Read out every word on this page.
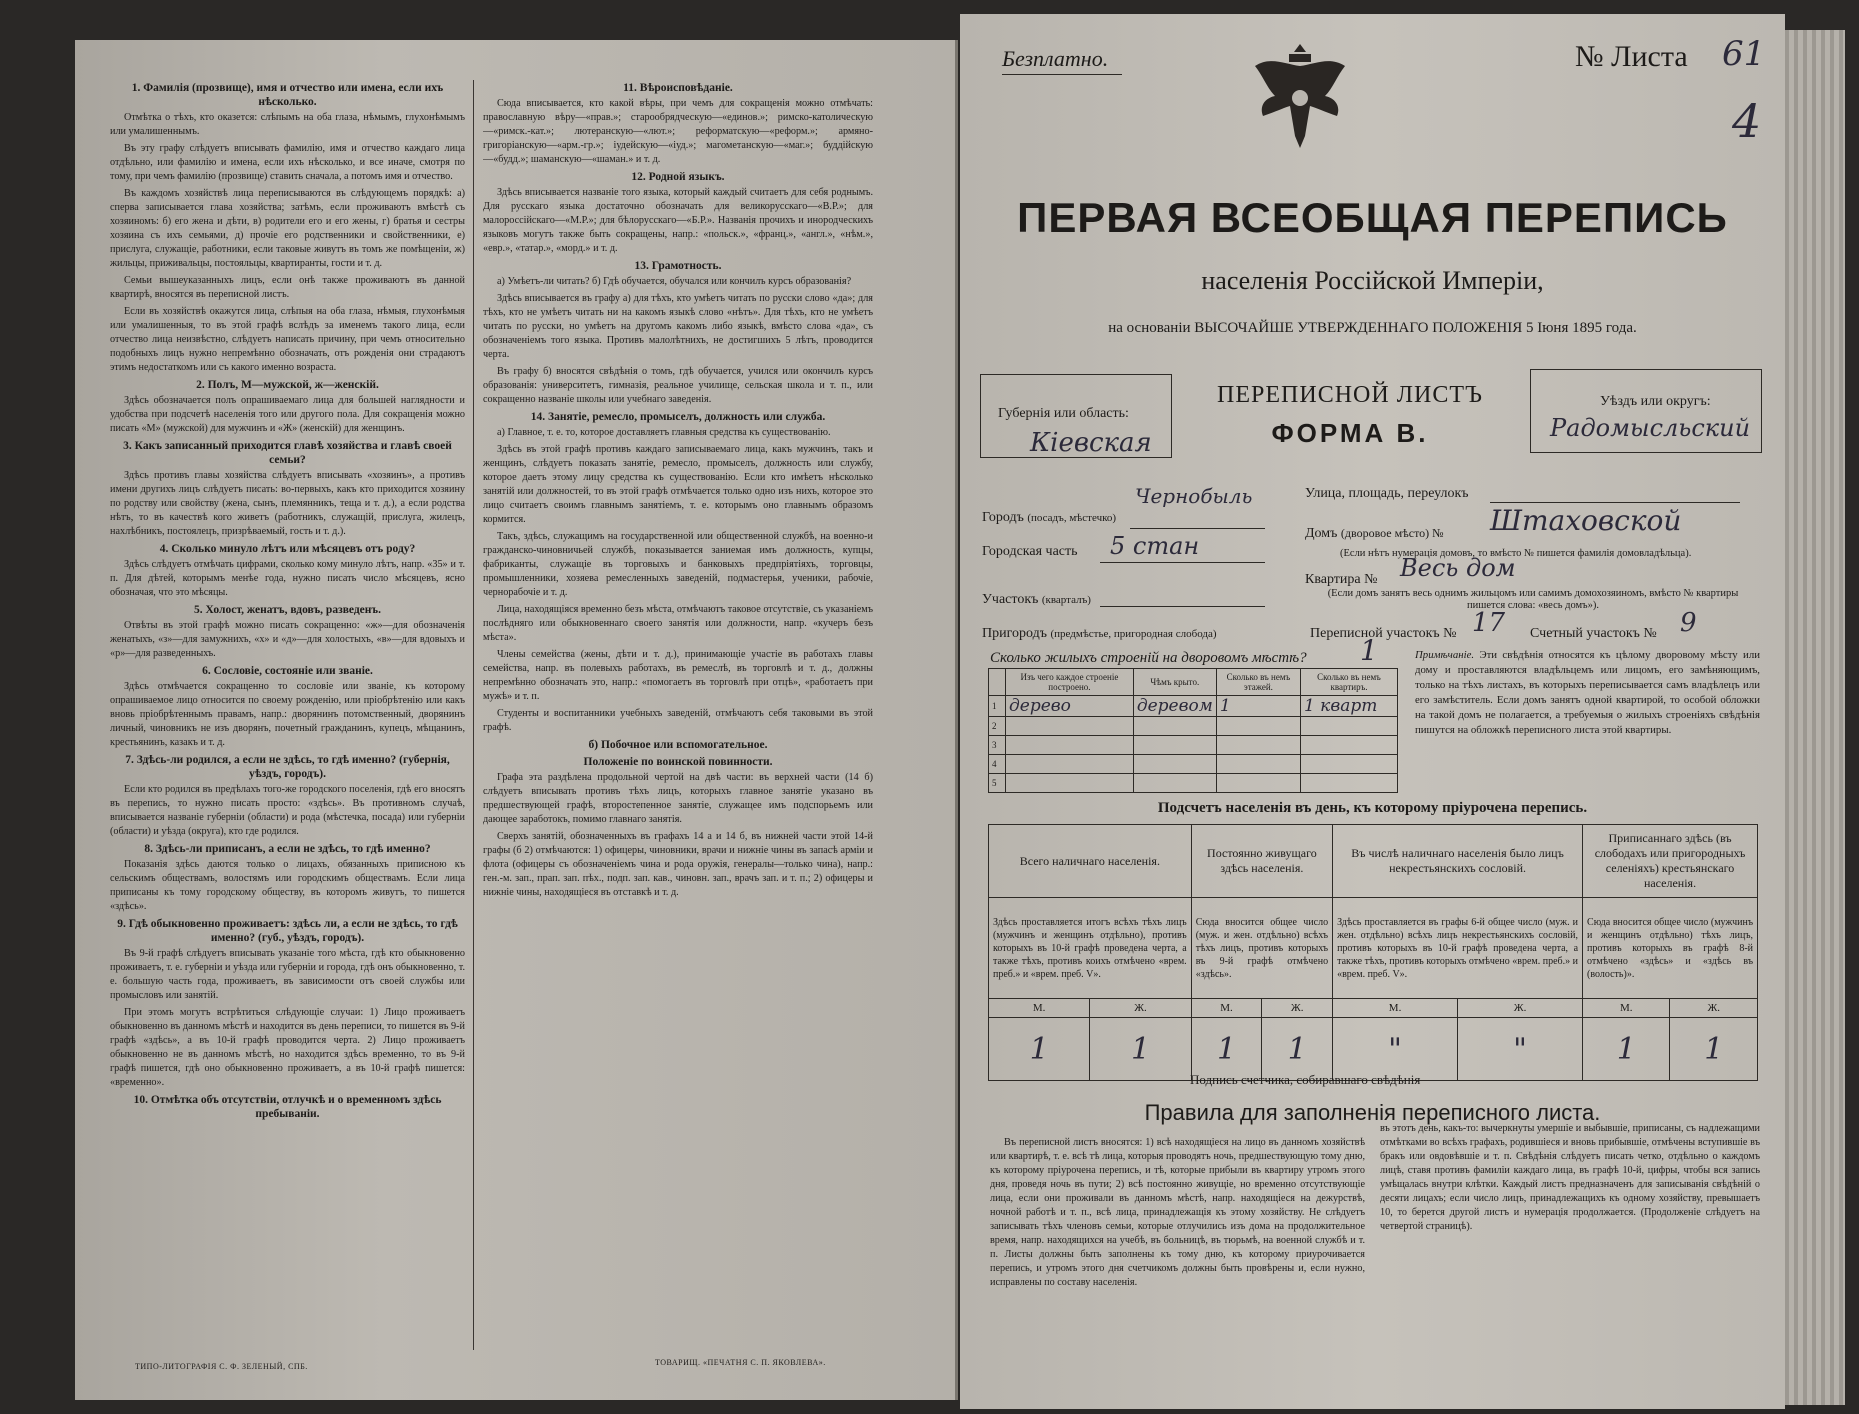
1. Фамилія (прозвище), имя и отчество или имена, если ихъ нѣсколько.

Отмѣтка о тѣхъ, кто оказется: слѣпымъ на оба глаза, нѣмымъ, глухонѣмымъ или умалишеннымъ.

Въ эту графу слѣдуетъ вписывать фамилію, имя и отчество каждаго лица отдѣльно, или фамилію и имена, если ихъ нѣсколько, и все иначе, смотря по тому, при чемъ фамилію (прозвище) ставить сначала, а потомъ имя и отчество.

Въ каждомъ хозяйствѣ лица переписываются въ слѣдующемъ порядкѣ: а) сперва записывается глава хозяйства; затѣмъ, если проживаютъ вмѣстѣ съ хозяиномъ: б) его жена и дѣти, в) родители его и его жены, г) братья и сестры хозяина съ ихъ семьями, д) прочіе его родственники и свойственники, е) прислуга, служащіе, работники, если таковые живутъ въ томъ же помѣщеніи, ж) жильцы, приживальцы, постояльцы, квартиранты, гости и т. д.

Семьи вышеуказанныхъ лицъ, если онѣ также проживаютъ въ данной квартирѣ, вносятся въ переписной листъ.

Если въ хозяйствѣ окажутся лица, слѣпыя на оба глаза, нѣмыя, глухонѣмыя или умалишенныя, то въ этой графѣ вслѣдъ за именемъ такого лица, если отчество лица неизвѣстно, слѣдуетъ написать причину, при чемъ относительно подобныхъ лицъ нужно непремѣнно обозначать, отъ рожденія они страдаютъ этимъ недостаткомъ или съ какого именно возраста.

2. Полъ, М—мужской, ж—женскій.

Здѣсь обозначается полъ опрашиваемаго лица для большей наглядности и удобства при подсчетѣ населенія того или другого пола. Для сокращенія можно писать «М» (мужской) для мужчинъ и «Ж» (женскій) для женщинъ.

3. Какъ записанный приходится главѣ хозяйства и главѣ своей семьи?

Здѣсь противъ главы хозяйства слѣдуетъ вписывать «хозяинъ», а противъ имени другихъ лицъ слѣдуетъ писать: во-первыхъ, какъ кто приходится хозяину по родству или свойству (жена, сынъ, племянникъ, теща и т. д.), а если родства нѣтъ, то въ качествѣ кого живетъ (работникъ, служащій, прислуга, жилецъ, нахлѣбникъ, постоялецъ, призрѣваемый, гость и т. д.).

4. Сколько минуло лѣтъ или мѣсяцевъ отъ роду?

Здѣсь слѣдуетъ отмѣчать цифрами, сколько кому минуло лѣтъ, напр. «35» и т. п. Для дѣтей, которымъ менѣе года, нужно писать число мѣсяцевъ, ясно обозначая, что это мѣсяцы.

5. Холост, женатъ, вдовъ, разведенъ.

Отвѣты въ этой графѣ можно писать сокращенно: «ж»—для обозначенія женатыхъ, «з»—для замужнихъ, «х» и «д»—для холостыхъ, «в»—для вдовыхъ и «р»—для разведенныхъ.

6. Сословіе, состояніе или званіе.

Здѣсь отмѣчается сокращенно то сословіе или званіе, къ которому опрашиваемое лицо относится по своему рожденію, или пріобрѣтенію или какъ вновь пріобрѣтеннымъ правамъ, напр.: дворянинъ потомственный, дворянинъ личный, чиновникъ не изъ дворянъ, почетный гражданинъ, купецъ, мѣщанинъ, крестьянинъ, казакъ и т. д.

7. Здѣсь-ли родился, а если не здѣсь, то гдѣ именно? (губернія, уѣздъ, городъ).

Если кто родился въ предѣлахъ того-же городского поселенія, гдѣ его вносятъ въ перепись, то нужно писать просто: «здѣсь». Въ противномъ случаѣ, вписывается названіе губерніи (области) и рода (мѣстечка, посада) или губерніи (области) и уѣзда (округа), кто где родился.

8. Здѣсь-ли приписанъ, а если не здѣсь, то гдѣ именно?

Показанія здѣсь даются только о лицахъ, обязанныхъ приписною къ сельскимъ обществамъ, волостямъ или городскимъ обществамъ. Если лица приписаны къ тому городскому обществу, въ которомъ живутъ, то пишется «здѣсь».

9. Гдѣ обыкновенно проживаетъ: здѣсь ли, а если не здѣсь, то гдѣ именно? (губ., уѣздъ, городъ).

Въ 9-й графѣ слѣдуетъ вписывать указаніе того мѣста, гдѣ кто обыкновенно проживаетъ, т. е. губерніи и уѣзда или губерніи и города, гдѣ онъ обыкновенно, т. е. большую часть года, проживаетъ, въ зависимости отъ своей службы или промысловъ или занятій.

При этомъ могутъ встрѣтиться слѣдующіе случаи: 1) Лицо проживаетъ обыкновенно въ данномъ мѣстѣ и находится въ день переписи, то пишется въ 9-й графѣ «здѣсь», а въ 10-й графѣ проводится черта. 2) Лицо проживаетъ обыкновенно не въ данномъ мѣстѣ, но находится здѣсь временно, то въ 9-й графѣ пишется, гдѣ оно обыкновенно проживаетъ, а въ 10-й графѣ пишется: «временно».

10. Отмѣтка объ отсутствіи, отлучкѣ и о временномъ здѣсь пребываніи.
11. Вѣроисповѣданіе.

Сюда вписывается, кто какой вѣры, при чемъ для сокращенія можно отмѣчать: православную вѣру—«прав.»; старообрядческую—«единов.»; римско-католическую—«римск.-кат.»; лютеранскую—«лют.»; реформатскую—«реформ.»; армяно-григоріанскую—«арм.-гр.»; іудейскую—«іуд.»; магометанскую—«маг.»; буддійскую—«будд.»; шаманскую—«шаман.» и т. д.

12. Родной языкъ.

Здѣсь вписывается названіе того языка, который каждый считаетъ для себя роднымъ. Для русскаго языка достаточно обозначать для великорусскаго—«В.Р.»; для малороссійскаго—«М.Р.»; для бѣлорусскаго—«Б.Р.». Названія прочихъ и инородческихъ языковъ могутъ также быть сокращены, напр.: «польск.», «франц.», «англ.», «нѣм.», «евр.», «татар.», «морд.» и т. д.

13. Грамотность.

а) Умѣетъ-ли читать? б) Гдѣ обучается, обучался или кончилъ курсъ образованія?

Здѣсь вписывается въ графу а) для тѣхъ, кто умѣетъ читать по русски слово «да»; для тѣхъ, кто не умѣетъ читать ни на какомъ языкѣ слово «нѣтъ». Для тѣхъ, кто не умѣетъ читать по русски, но умѣетъ на другомъ какомъ либо языкѣ, вмѣсто слова «да», съ обозначеніемъ того языка. Противъ малолѣтнихъ, не достигшихъ 5 лѣтъ, проводится черта.

Въ графу б) вносятся свѣдѣнія о томъ, гдѣ обучается, учился или окончилъ курсъ образованія: университетъ, гимназія, реальное училище, сельская школа и т. п., или сокращенно названіе школы или учебнаго заведенія.

14. Занятіе, ремесло, промыселъ, должность или служба.

а) Главное, т. е. то, которое доставляетъ главныя средства къ существованію.

Здѣсь въ этой графѣ противъ каждаго записываемаго лица, какъ мужчинъ, такъ и женщинъ, слѣдуетъ показать занятіе, ремесло, промыселъ, должность или службу, которое даетъ этому лицу средства къ существованію. Если кто имѣетъ нѣсколько занятій или должностей, то въ этой графѣ отмѣчается только одно изъ нихъ, которое это лицо считаетъ своимъ главнымъ занятіемъ, т. е. которымъ оно главнымъ образомъ кормится.

Такъ, здѣсь, служащимъ на государственной или общественной службѣ, на военно-и гражданско-чиновничьей службѣ, показывается заниемая имъ должность, купцы, фабриканты, служащіе въ торговыхъ и банковыхъ предпріятіяхъ, торговцы, промышленники, хозяева ремесленныхъ заведеній, подмастерья, ученики, рабочіе, чернорабочіе и т. д.

Лица, находящіяся временно безъ мѣста, отмѣчаютъ таковое отсутствіе, съ указаніемъ послѣдняго или обыкновеннаго своего занятія или должности, напр. «кучеръ безъ мѣста».

Члены семейства (жены, дѣти и т. д.), принимающіе участіе въ работахъ главы семейства, напр. въ полевыхъ работахъ, въ ремеслѣ, въ торговлѣ и т. д., должны непремѣнно обозначать это, напр.: «помогаетъ въ торговлѣ при отцѣ», «работаетъ при мужѣ» и т. п.

Студенты и воспитанники учебныхъ заведеній, отмѣчаютъ себя таковыми въ этой графѣ.

б) Побочное или вспомогательное.
Положеніе по воинской повинности.

Графа эта раздѣлена продольной чертой на двѣ части: въ верхней части (14 б) слѣдуетъ вписывать противъ тѣхъ лицъ, которыхъ главное занятіе указано въ предшествующей графѣ, второстепенное занятіе, служащее имъ подспорьемъ или дающее заработокъ, помимо главнаго занятія.

Сверхъ занятій, обозначенныхъ въ графахъ 14 а и 14 б, въ нижней части этой 14-й графы (б 2) отмѣчаются: 1) офицеры, чиновники, врачи и нижніе чины въ запасѣ арміи и флота (офицеры съ обозначеніемъ чина и рода оружія, генералы—только чина), напр.: ген.-м. зап., прап. зап. пѣх., подп. зап. кав., чиновн. зап., врачъ зап. и т. п.; 2) офицеры и нижніе чины, находящіеся въ отставкѣ и т. д.

ТИПО-ЛИТОГРАФІЯ С. Ф. ЗЕЛЕНЫЙ, СПБ.	ТОВАРИЩ. «ПЕЧАТНЯ С. П. ЯКОВЛЕВА».
Безплатно.	№ Листа 61
4
ПЕРВАЯ ВСЕОБЩАЯ ПЕРЕПИСЬ
населенія Россійской Имперіи,
на основаніи ВЫСОЧАЙШЕ УТВЕРЖДЕННАГО ПОЛОЖЕНІЯ 5 Іюня 1895 года.
Губернія или область:
Кіевская
ПЕРЕПИСНОЙ ЛИСТЪ
ФОРМА В.
Уѣздъ или округъ:
Радомысльский
Городъ (посадъ, мѣстечко)
Чернобыль
Городская часть 5 стан
Участокъ (кварталъ)
Пригородъ (предмѣстье, пригородная слобода)
Улица, площадь, переулокъ
Домъ (дворовое мѣсто) № Штаховской
(Если нѣтъ нумерація домовъ, то вмѣсто № пишется фамилія домовладѣльца).
Квартира № Весь дом
(Если домъ занятъ весь однимъ жильцомъ или самимъ домохозяиномъ, вмѣсто № квартиры пишется слова: «весь домъ»).
Переписной участокъ № 17 Счетный участокъ № 9
Сколько жилыхъ строеній на дворовомъ мѣстѣ? 1
	Изъ чего каждое строеніе построено.	Чѣмъ крыто.	Сколько въ немъ этажей.	Сколько въ немъ квартиръ.
1	дерево	деревом	1	1 кварт
2				
3				
4				
5				
Примѣчаніе. Эти свѣдѣнія относятся къ цѣлому дворовому мѣсту или дому и проставляются владѣльцемъ или лицомъ, его замѣняющимъ, только на тѣхъ листахъ, въ которыхъ переписывается самъ владѣлецъ или его замѣститель. Если домъ занятъ одной квартирой, то особой обложки на такой домъ не полагается, а требуемыя о жилыхъ строеніяхъ свѣдѣнія пишутся на обложкѣ переписного листа этой квартиры.
Подсчетъ населенія въ день, къ которому пріурочена перепись.
Всего наличнаго населенія.		Постоянно живущаго здѣсь населенія.		Въ числѣ наличнаго населенія было лицъ некрестьянскихъ сословій.		Приписаннаго здѣсь (въ слободахъ или пригородныхъ селеніяхъ) крестьянскаго населенія.	
Здѣсь проставляется итогъ всѣхъ тѣхъ лицъ (мужчинъ и женщинъ отдѣльно), противъ которыхъ въ 10-й графѣ проведена черта, а также тѣхъ, противъ коихъ отмѣчено «врем. преб.» и «врем. преб. V».		Сюда вносится общее число (муж. и жен. отдѣльно) всѣхъ тѣхъ лицъ, противъ которыхъ въ 9-й графѣ отмѣчено «здѣсь».		Здѣсь проставляется въ графы 6-й общее число (муж. и жен. отдѣльно) всѣхъ лицъ некрестьянскихъ сословій, противъ которыхъ въ 10-й графѣ проведена черта, а также тѣхъ, противъ которыхъ отмѣчено «врем. преб.» и «врем. преб. V».		Сюда вносится общее число (мужчинъ и женщинъ отдѣльно) тѣхъ лицъ, противъ которыхъ въ графѣ 8-й отмѣчено «здѣсь» и «здѣсь въ (волость)».	
М.	Ж.	М.	Ж.	М.	Ж.	М.	Ж.
1	1	1	1	"	"	1	1
Подпись счетчика, собиравшаго свѣдѣнія
Правила для заполненія переписного листа.
Въ переписной листъ вносятся: 1) всѣ находящіеся на лицо въ данномъ хозяйствѣ или квартирѣ, т. е. всѣ тѣ лица, которыя проводятъ ночь, предшествующую тому дню, къ которому пріурочена перепись, и тѣ, которые прибыли въ квартиру утромъ этого дня, проведя ночь въ пути; 2) всѣ постоянно живущіе, но временно отсутствующіе лица, если они проживали въ данномъ мѣстѣ, напр. находящіеся на дежурствѣ, ночной работѣ и т. п., всѣ лица, принадлежащія къ этому хозяйству. Не слѣдуетъ записывать тѣхъ членовъ семьи, которые отлучились изъ дома на продолжительное время, напр. находящихся на учебѣ, въ больницѣ, въ тюрьмѣ, на военной службѣ и т. п. Листы должны быть заполнены къ тому дню, къ которому приурочивается перепись, и утромъ этого дня счетчикомъ должны быть провѣрены и, если нужно, исправлены по составу населенія.
въ этотъ день, какъ-то: вычеркнуты умершіе и выбывшіе, приписаны, съ надлежащими отмѣтками во всѣхъ графахъ, родившіеся и вновь прибывшіе, отмѣчены вступившіе въ бракъ или овдовѣвшіе и т. п. Свѣдѣнія слѣдуетъ писать четко, отдѣльно о каждомъ лицѣ, ставя противъ фамиліи каждаго лица, въ графѣ 10-й, цифры, чтобы вся запись умѣщалась внутри клѣтки. Каждый листъ предназначенъ для записыванія свѣдѣній о десяти лицахъ; если число лицъ, принадлежащихъ къ одному хозяйству, превышаетъ 10, то берется другой листъ и нумерація продолжается. (Продолженіе слѣдуетъ на четвертой страницѣ).
